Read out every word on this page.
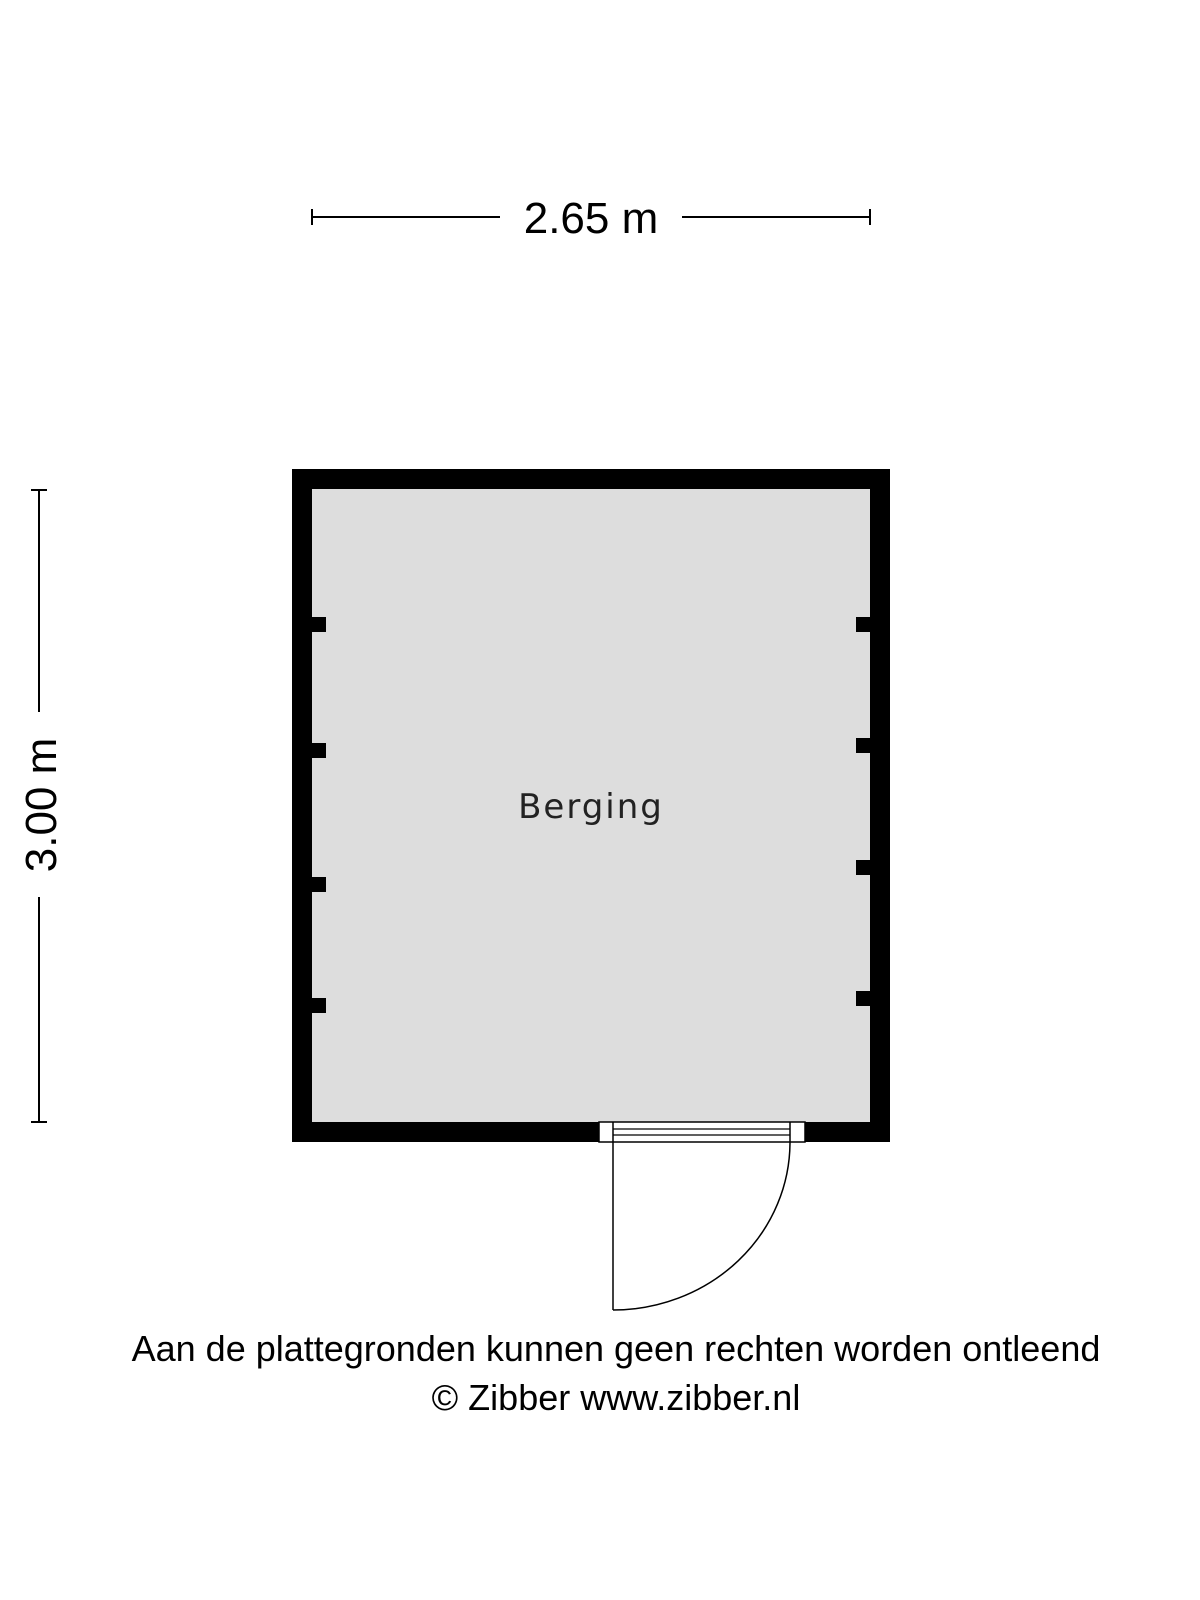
2.65 m
3.00 m	Berging
Aan de plattegronden kunnen geen rechten worden ontleend
© Zibber www.zibber.nl
